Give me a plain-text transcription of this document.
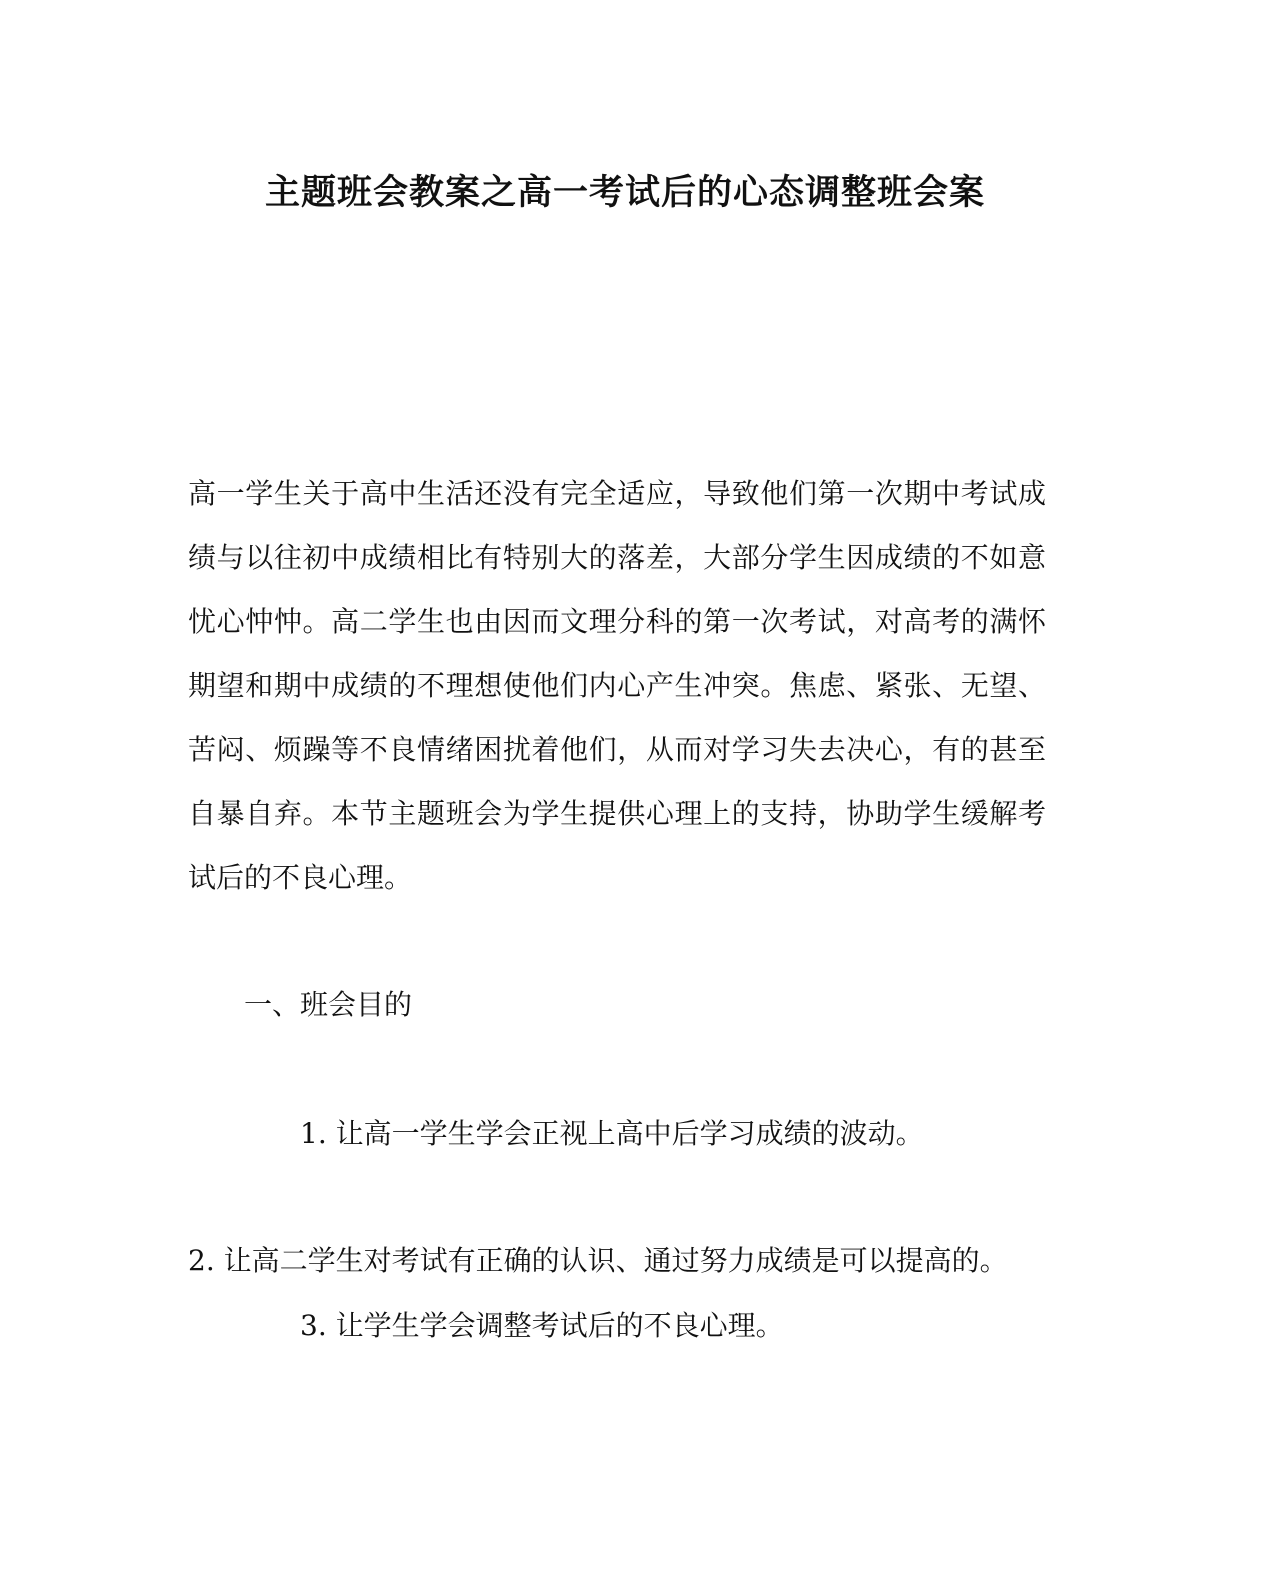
主题班会教案之高一考试后的心态调整班会案
高一学生关于高中生活还没有完全适应，导致他们第一次期中考试成
绩与以往初中成绩相比有特别大的落差，大部分学生因成绩的不如意
忧心忡忡。高二学生也由因而文理分科的第一次考试，对高考的满怀
期望和期中成绩的不理想使他们内心产生冲突。焦虑、紧张、无望、
苦闷、烦躁等不良情绪困扰着他们，从而对学习失去决心，有的甚至
自暴自弃。本节主题班会为学生提供心理上的支持，协助学生缓解考
试后的不良心理。
一、班会目的
1. 让高一学生学会正视上高中后学习成绩的波动。
2. 让高二学生对考试有正确的认识、通过努力成绩是可以提高的。
3. 让学生学会调整考试后的不良心理。
